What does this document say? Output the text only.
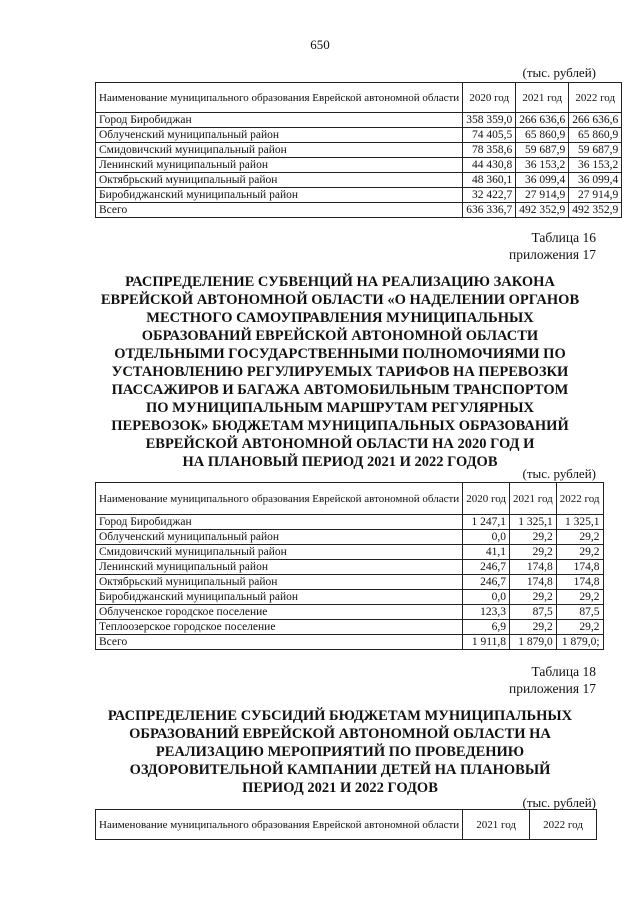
650
(тыс. рублей)
Наименование муниципального образования Еврейской автономной области	2020 год	2021 год	2022 год
Город Биробиджан	358 359,0	266 636,6	266 636,6
Облученский муниципальный район	74 405,5	65 860,9	65 860,9
Смидовичский муниципальный район	78 358,6	59 687,9	59 687,9
Ленинский муниципальный район	44 430,8	36 153,2	36 153,2
Октябрьский муниципальный район	48 360,1	36 099,4	36 099,4
Биробиджанский муниципальный район	32 422,7	27 914,9	27 914,9
Всего	636 336,7	492 352,9	492 352,9
Таблица 16
приложения 17
РАСПРЕДЕЛЕНИЕ СУБВЕНЦИЙ НА РЕАЛИЗАЦИЮ ЗАКОНА
ЕВРЕЙСКОЙ АВТОНОМНОЙ ОБЛАСТИ «О НАДЕЛЕНИИ ОРГАНОВ
МЕСТНОГО САМОУПРАВЛЕНИЯ МУНИЦИПАЛЬНЫХ
ОБРАЗОВАНИЙ ЕВРЕЙСКОЙ АВТОНОМНОЙ ОБЛАСТИ
ОТДЕЛЬНЫМИ ГОСУДАРСТВЕННЫМИ ПОЛНОМОЧИЯМИ ПО
УСТАНОВЛЕНИЮ РЕГУЛИРУЕМЫХ ТАРИФОВ НА ПЕРЕВОЗКИ
ПАССАЖИРОВ И БАГАЖА АВТОМОБИЛЬНЫМ ТРАНСПОРТОМ
ПО МУНИЦИПАЛЬНЫМ МАРШРУТАМ РЕГУЛЯРНЫХ
ПЕРЕВОЗОК» БЮДЖЕТАМ МУНИЦИПАЛЬНЫХ ОБРАЗОВАНИЙ
ЕВРЕЙСКОЙ АВТОНОМНОЙ ОБЛАСТИ НА 2020 ГОД И
НА ПЛАНОВЫЙ ПЕРИОД 2021 И 2022 ГОДОВ
(тыс. рублей)
Наименование муниципального образования Еврейской автономной области	2020 год	2021 год	2022 год
Город Биробиджан	1 247,1	1 325,1	1 325,1
Облученский муниципальный район	0,0	29,2	29,2
Смидовичский муниципальный район	41,1	29,2	29,2
Ленинский муниципальный район	246,7	174,8	174,8
Октябрьский муниципальный район	246,7	174,8	174,8
Биробиджанский муниципальный район	0,0	29,2	29,2
Облученское городское поселение	123,3	87,5	87,5
Теплоозерское городское поселение	6,9	29,2	29,2
Всего	1 911,8	1 879,0	1 879,0;
Таблица 18
приложения 17
РАСПРЕДЕЛЕНИЕ СУБСИДИЙ БЮДЖЕТАМ МУНИЦИПАЛЬНЫХ
ОБРАЗОВАНИЙ ЕВРЕЙСКОЙ АВТОНОМНОЙ ОБЛАСТИ НА
РЕАЛИЗАЦИЮ МЕРОПРИЯТИЙ ПО ПРОВЕДЕНИЮ
ОЗДОРОВИТЕЛЬНОЙ КАМПАНИИ ДЕТЕЙ НА ПЛАНОВЫЙ
ПЕРИОД 2021 И 2022 ГОДОВ
(тыс. рублей)
Наименование муниципального образования Еврейской автономной области	2021 год	2022 год
